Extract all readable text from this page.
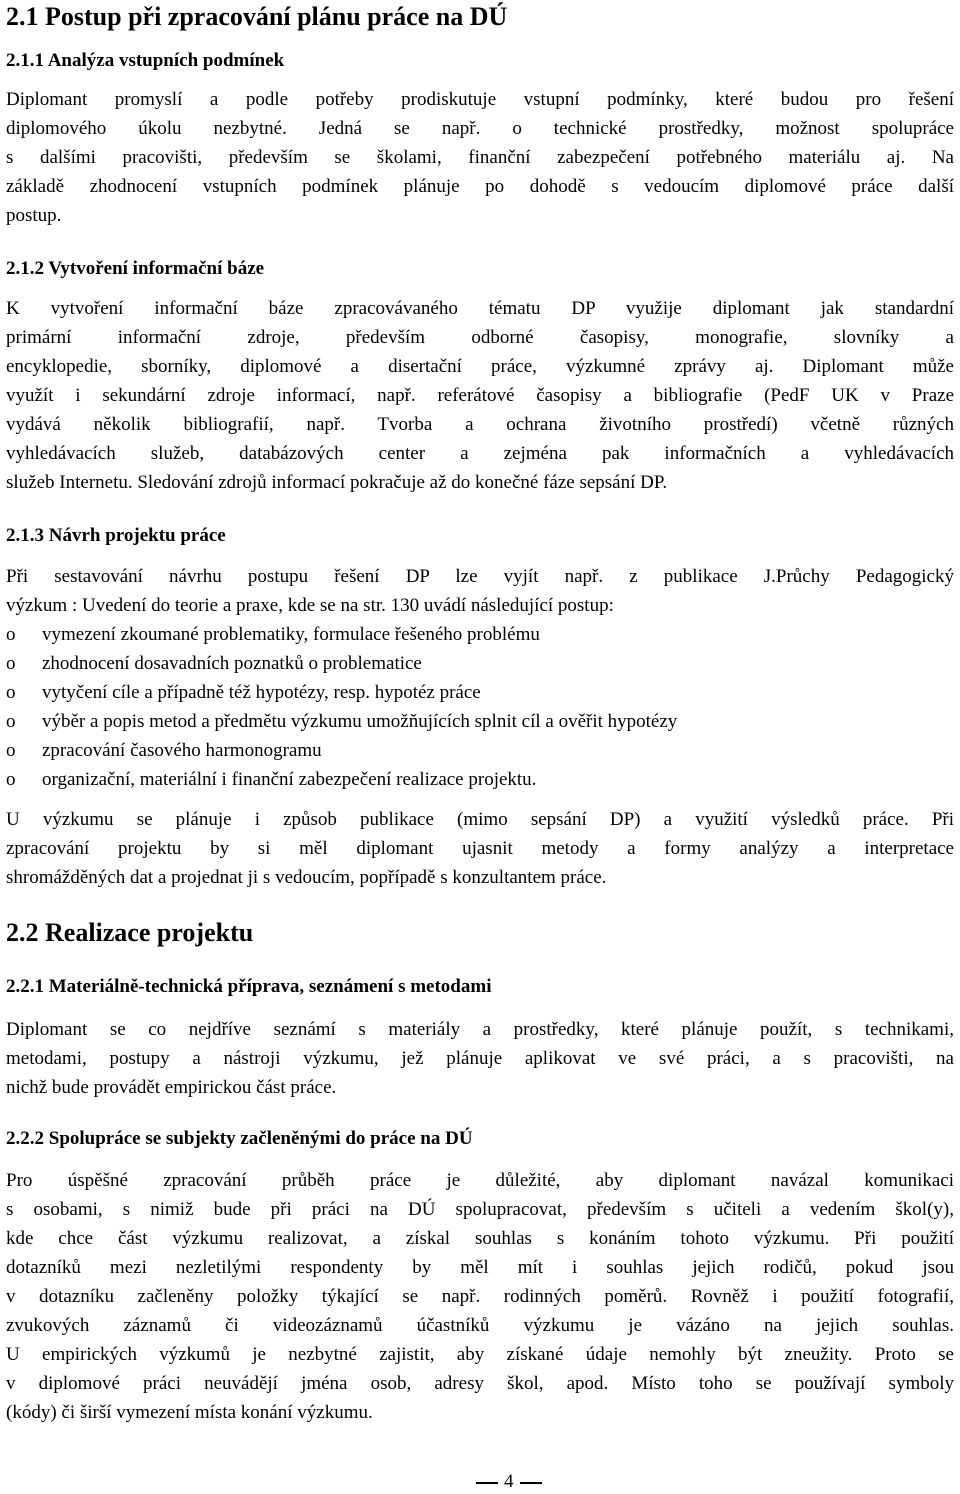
2.1 Postup při zpracování plánu práce na DÚ
2.1.1 Analýza vstupních podmínek
Diplomant promyslí a podle potřeby prodiskutuje vstupní podmínky, které budou pro řešení
diplomového úkolu nezbytné. Jedná se např. o technické prostředky, možnost spolupráce
s dalšími pracovišti, především se školami, finanční zabezpečení potřebného materiálu aj. Na
základě zhodnocení vstupních podmínek plánuje po dohodě s vedoucím diplomové práce další
postup.
2.1.2 Vytvoření informační báze
K vytvoření informační báze zpracovávaného tématu DP využije diplomant jak standardní
primární informační zdroje, především odborné časopisy, monografie, slovníky a
encyklopedie, sborníky, diplomové a disertační práce, výzkumné zprávy aj. Diplomant může
využít i sekundární zdroje informací, např. referátové časopisy a bibliografie (PedF UK v Praze
vydává několik bibliografií, např. Tvorba a ochrana životního prostředí) včetně různých
vyhledávacích služeb, databázových center a zejména pak informačních a vyhledávacích
služeb Internetu. Sledování zdrojů informací pokračuje až do konečné fáze sepsání DP.
2.1.3 Návrh projektu práce
Při sestavování návrhu postupu řešení DP lze vyjít např. z publikace J.Průchy Pedagogický
výzkum : Uvedení do teorie a praxe, kde se na str. 130 uvádí následující postup:
o vymezení zkoumané problematiky, formulace řešeného problému
o zhodnocení dosavadních poznatků o problematice
o vytyčení cíle a případně též hypotézy, resp. hypotéz práce
o výběr a popis metod a předmětu výzkumu umožňujících splnit cíl a ověřit hypotézy
o zpracování časového harmonogramu
o organizační, materiální i finanční zabezpečení realizace projektu.
U výzkumu se plánuje i způsob publikace (mimo sepsání DP) a využití výsledků práce. Při
zpracování projektu by si měl diplomant ujasnit metody a formy analýzy a interpretace
shromážděných dat a projednat ji s vedoucím, popřípadě s konzultantem práce.
2.2 Realizace projektu
2.2.1 Materiálně-technická příprava, seznámení s metodami
Diplomant se co nejdříve seznámí s materiály a prostředky, které plánuje použít, s technikami,
metodami, postupy a nástroji výzkumu, jež plánuje aplikovat ve své práci, a s pracovišti, na
nichž bude provádět empirickou část práce.
2.2.2 Spolupráce se subjekty začleněnými do práce na DÚ
Pro úspěšné zpracování průběh práce je důležité, aby diplomant navázal komunikaci
s osobami, s nimiž bude při práci na DÚ spolupracovat, především s učiteli a vedením škol(y),
kde chce část výzkumu realizovat, a získal souhlas s konáním tohoto výzkumu. Při použití
dotazníků mezi nezletilými respondenty by měl mít i souhlas jejich rodičů, pokud jsou
v dotazníku začleněny položky týkající se např. rodinných poměrů. Rovněž i použití fotografií,
zvukových záznamů či videozáznamů účastníků výzkumu je vázáno na jejich souhlas.
U empirických výzkumů je nezbytné zajistit, aby získané údaje nemohly být zneužity. Proto se
v diplomové práci neuvádějí jména osob, adresy škol, apod. Místo toho se používají symboly
(kódy) či širší vymezení místa konání výzkumu.
4
